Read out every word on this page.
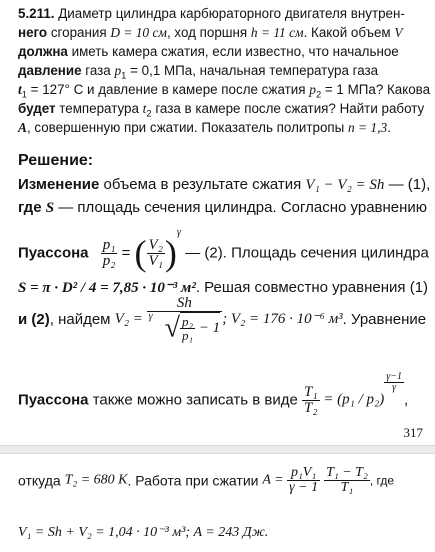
5.211. Диаметр цилиндра карбюраторного двигателя внутрен-
него сгорания D = 10 см, ход поршня h = 11 см. Какой объем V
должна иметь камера сжатия, если известно, что начальное
давление газа $p_1 = 0,1$ МПа, начальная температура газа
$t_1 = 127^\circ$ C и давление в камере после сжатия $p_2 = 1$ МПа? Какова
будет температура $t_2$ газа в камере после сжатия? Найти работу
A, совершенную при сжатии. Показатель политропы n = 1,3.
Решение:
Изменение объема в результате сжатия V₁ − V₂ = Sh — (1),
где S — площадь сечения цилиндра. Согласно уравнению
Пуассона $\frac{\text{p₁}}{\text{p₂}}$ = ( $\frac{\text{V₂}}{\text{V₁}} )^\gamma$ — (2). Площадь сечения цилиндра
S = π · D² / 4 = 7,85 · 10⁻³ м². Решая совместно уравнения (1)
и (2), найдем $V_2 = \frac{Sh}{\gamma √ \frac{\text{p₂}}{\text{p₁}} - 1}$ ; V₂ = 176 · 10⁻⁶ м³. Уравнение
Пуассона также можно записать в виде $\frac{\text{T₁}}{\text{T₂}} = (p_1 / p_2)$
$^{\frac{\gamma-1}{\gamma}}$
,
317
откуда T₂ = 680 К. Работа при сжатии $A = \frac{\text{p₁V₁}}{\gamma - 1} \frac{\text{T₁ − T₂}}{\text{T₁}}$ , где
V₁ = Sh + V₂ = 1,04 · 10⁻³ м³; A = 243 Дж.
